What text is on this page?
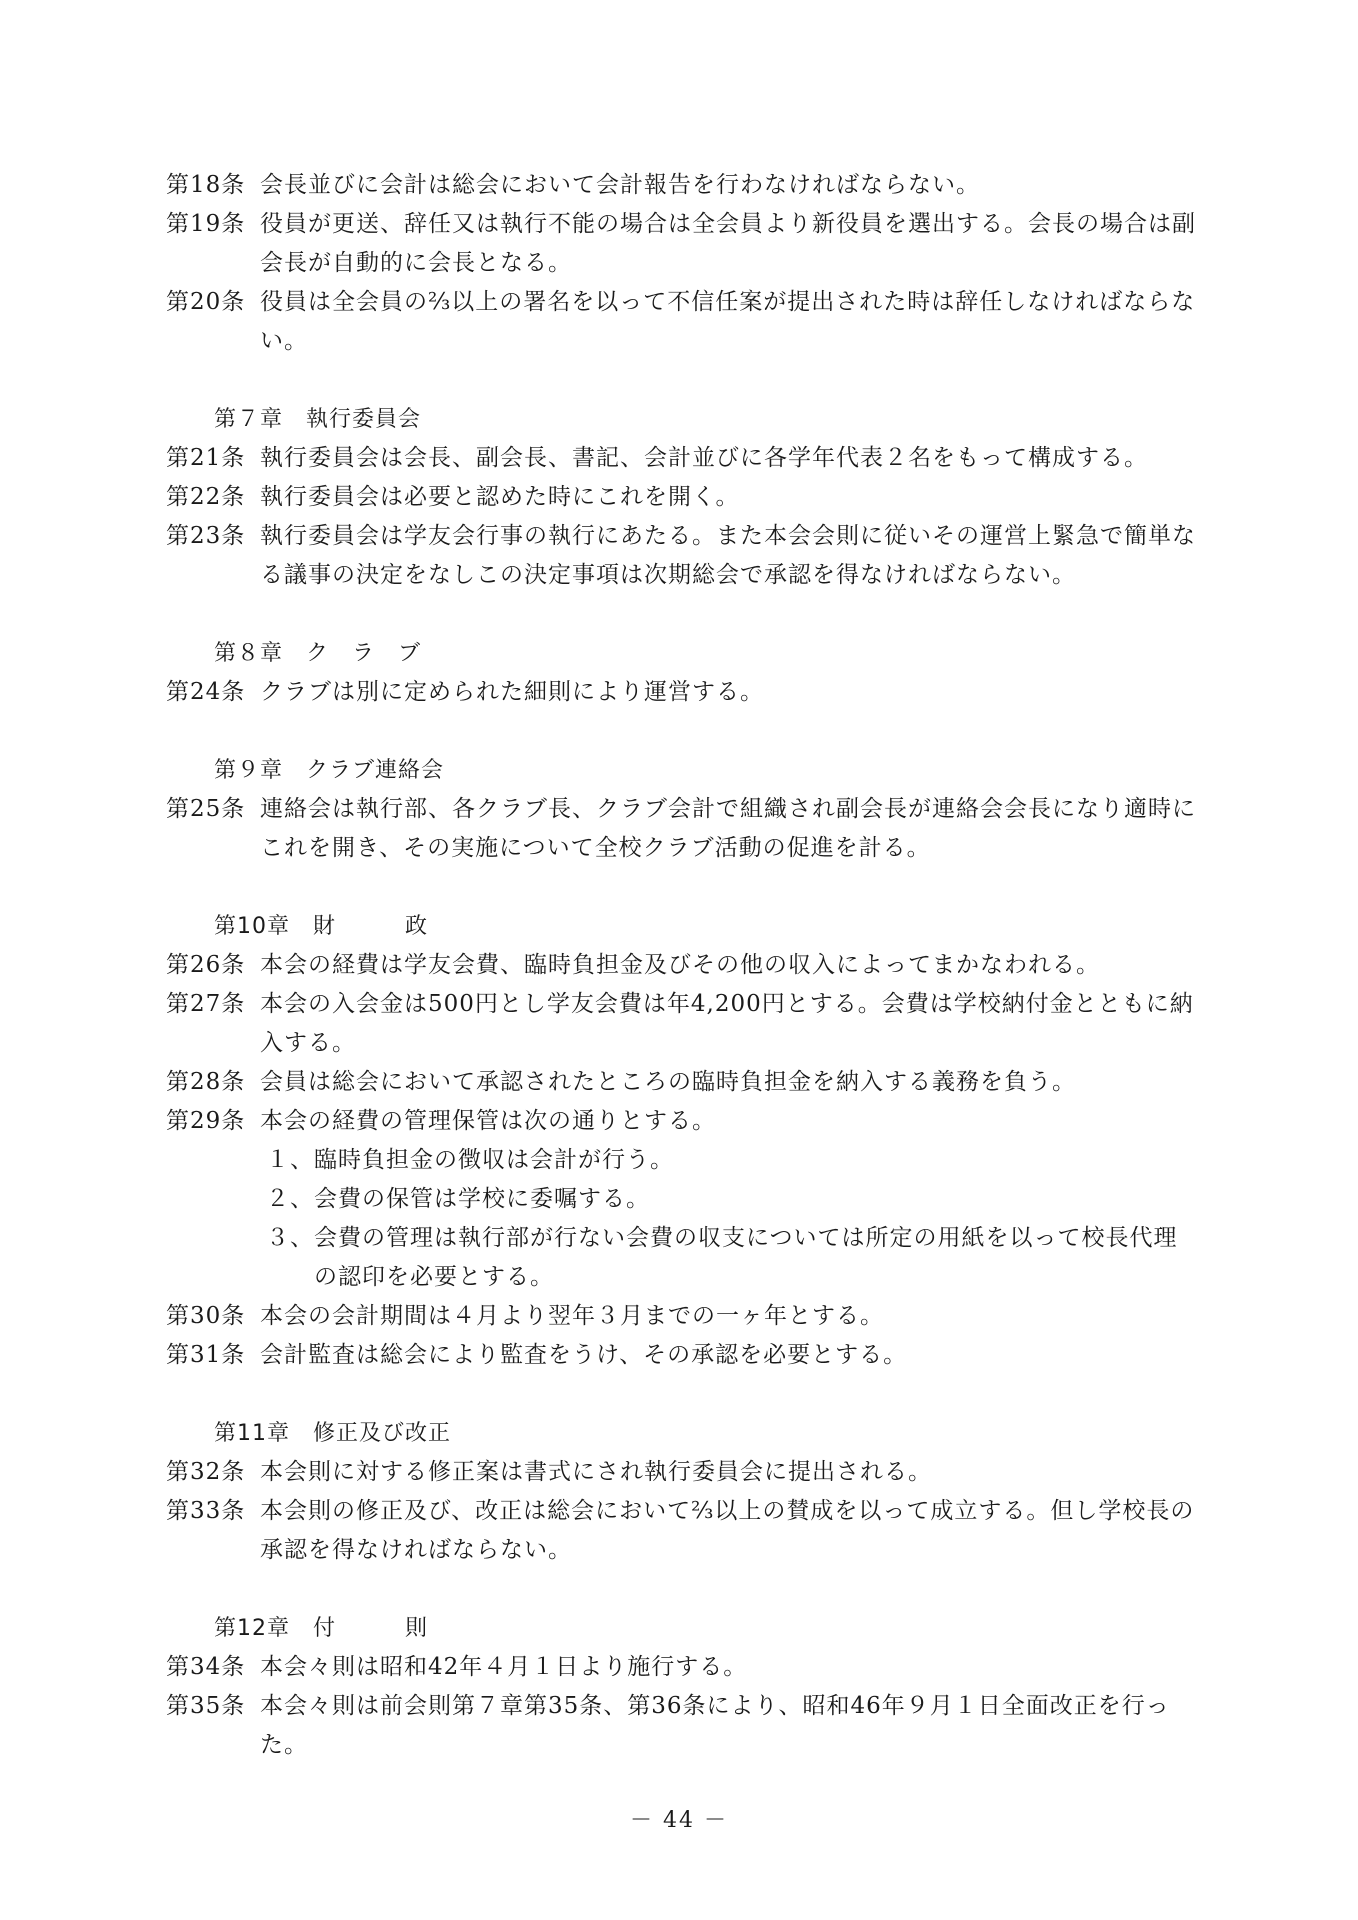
第18条 会長並びに会計は総会において会計報告を行わなければならない。
第19条 役員が更送、辞任又は執行不能の場合は全会員より新役員を選出する。会長の場合は副会長が自動的に会長となる。
第20条 役員は全会員の⅔以上の署名を以って不信任案が提出された時は辞任しなければならない。
第７章　執行委員会
第21条 執行委員会は会長、副会長、書記、会計並びに各学年代表２名をもって構成する。
第22条 執行委員会は必要と認めた時にこれを開く。
第23条 執行委員会は学友会行事の執行にあたる。また本会会則に従いその運営上緊急で簡単な る議事の決定をなしこの決定事項は次期総会で承認を得なければならない。
第８章　ク　ラ　ブ
第24条 クラブは別に定められた細則により運営する。
第９章　クラブ連絡会
第25条 連絡会は執行部、各クラブ長、クラブ会計で組織され副会長が連絡会会長になり適時にこれを開き、その実施について全校クラブ活動の促進を計る。
第10章　財　　　政
第26条 本会の経費は学友会費、臨時負担金及びその他の収入によってまかなわれる。
第27条 本会の入会金は500円とし学友会費は年4,200円とする。会費は学校納付金とともに納入する。
第28条 会員は総会において承認されたところの臨時負担金を納入する義務を負う。
第29条 本会の経費の管理保管は次の通りとする。
１、 臨時負担金の徴収は会計が行う。
２、 会費の保管は学校に委嘱する。
３、 会費の管理は執行部が行ない会費の収支については所定の用紙を以って校長代理の認印を必要とする。
第30条 本会の会計期間は４月より翌年３月までの一ヶ年とする。
第31条 会計監査は総会により監査をうけ、その承認を必要とする。
第11章　修正及び改正
第32条 本会則に対する修正案は書式にされ執行委員会に提出される。
第33条 本会則の修正及び、改正は総会において⅔以上の賛成を以って成立する。但し学校長の承認を得なければならない。
第12章　付　　　則
第34条 本会々則は昭和42年４月１日より施行する。
第35条 本会々則は前会則第７章第35条、第36条により、昭和46年９月１日全面改正を行った。
－ 44 －
